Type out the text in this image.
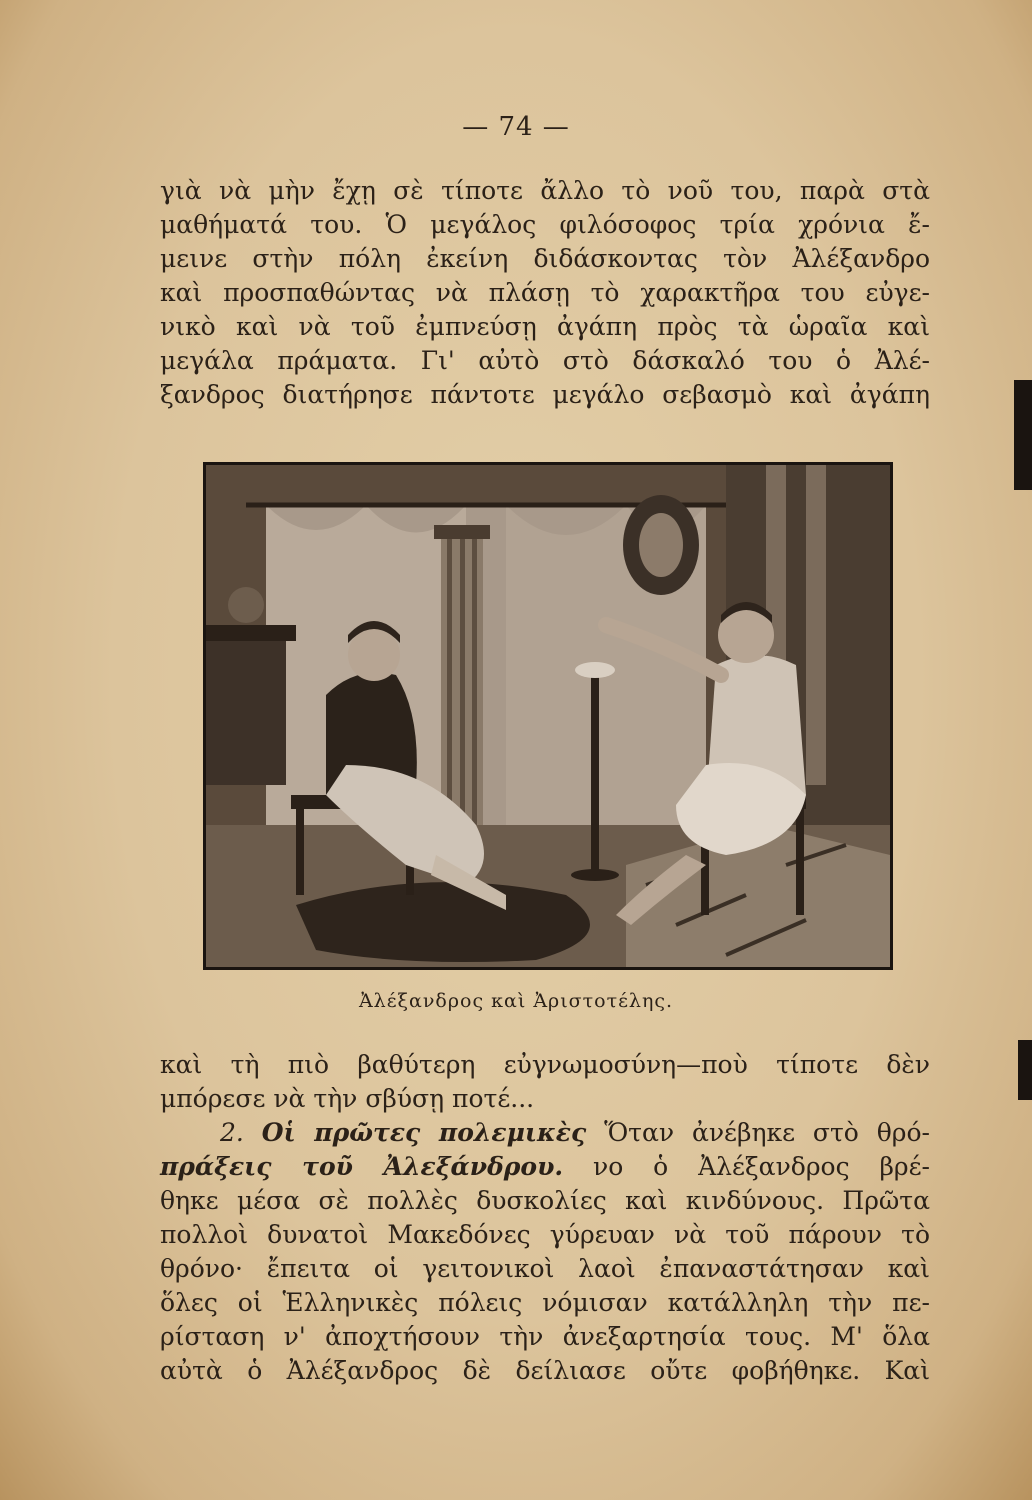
— 74 —
γιὰ νὰ μὴν ἔχῃ σὲ τίποτε ἄλλο τὸ νοῦ του, παρὰ στὰ
μαθήματά του. Ὁ μεγάλος φιλόσοφος τρία χρόνια ἔ-
μεινε στὴν πόλη ἐκείνη διδάσκοντας τὸν Ἀλέξανδρο
καὶ προσπαθώντας νὰ πλάσῃ τὸ χαρακτῆρα του εὐγε-
νικὸ καὶ νὰ τοῦ ἐμπνεύσῃ ἀγάπη πρὸς τὰ ὡραῖα καὶ
μεγάλα πράματα. Γι' αὐτὸ στὸ δάσκαλό του ὁ Ἀλέ-
ξανδρος διατήρησε πάντοτε μεγάλο σεβασμὸ καὶ ἀγάπη
Ἀλέξανδρος καὶ Ἀριστοτέλης.
καὶ τὴ πιὸ βαθύτερη εὐγνωμοσύνη—ποὺ τίποτε δὲν
μπόρεσε νὰ τὴν σβύσῃ ποτέ...
2. Οἱ πρῶτες πολεμικὲς Ὅταν ἀνέβηκε στὸ θρό-
πράξεις τοῦ Ἀλεξάνδρου. νο ὁ Ἀλέξανδρος βρέ-
θηκε μέσα σὲ πολλὲς δυσκολίες καὶ κινδύνους. Πρῶτα
πολλοὶ δυνατοὶ Μακεδόνες γύρευαν νὰ τοῦ πάρουν τὸ
θρόνο· ἔπειτα οἱ γειτονικοὶ λαοὶ ἐπαναστάτησαν καὶ
ὅλες οἱ Ἑλληνικὲς πόλεις νόμισαν κατάλληλη τὴν πε-
ρίσταση ν' ἀποχτήσουν τὴν ἀνεξαρτησία τους. Μ' ὅλα
αὐτὰ ὁ Ἀλέξανδρος δὲ δείλιασε οὔτε φοβήθηκε. Καὶ
